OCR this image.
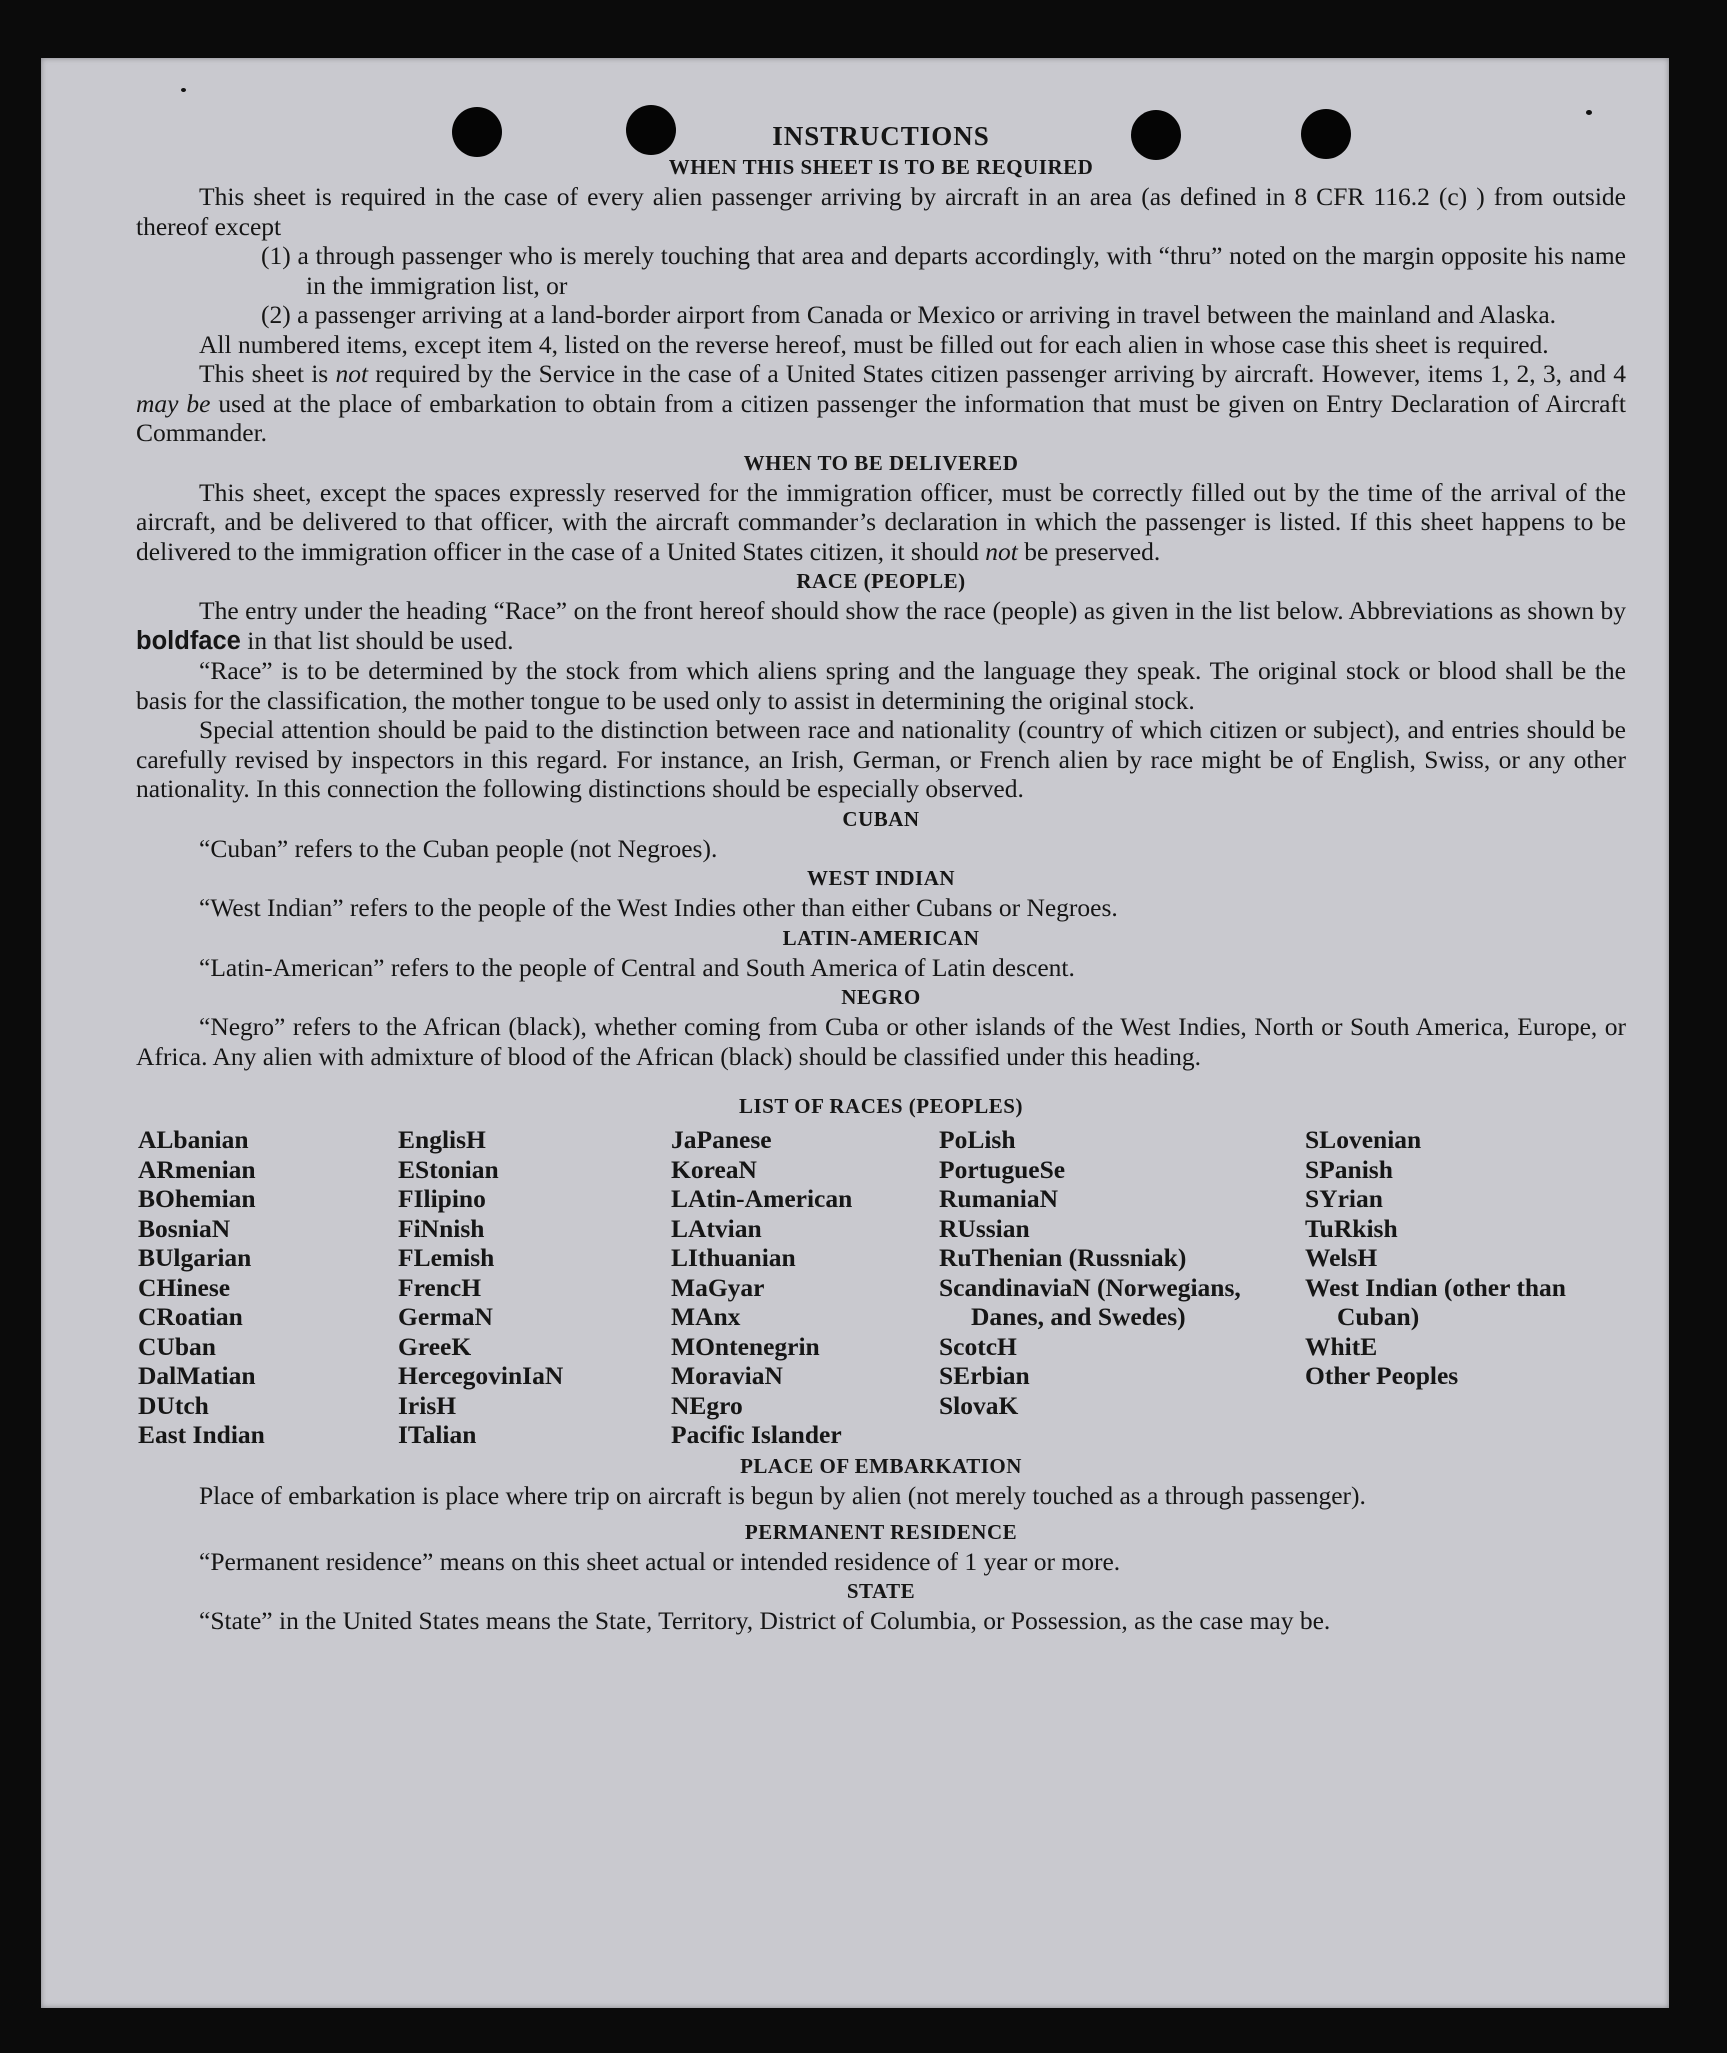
INSTRUCTIONS

WHEN THIS SHEET IS TO BE REQUIRED

This sheet is required in the case of every alien passenger arriving by aircraft in an area (as defined in 8 CFR 116.2 (c) ) from outside thereof except

(1) a through passenger who is merely touching that area and departs accordingly, with “thru” noted on the margin opposite his name in the immigration list, or

(2) a passenger arriving at a land-border airport from Canada or Mexico or arriving in travel between the mainland and Alaska.

All numbered items, except item 4, listed on the reverse hereof, must be filled out for each alien in whose case this sheet is required.

This sheet is not required by the Service in the case of a United States citizen passenger arriving by aircraft. However, items 1, 2, 3, and 4 may be used at the place of embarkation to obtain from a citizen passenger the information that must be given on Entry Declaration of Aircraft Commander.

WHEN TO BE DELIVERED

This sheet, except the spaces expressly reserved for the immigration officer, must be correctly filled out by the time of the arrival of the aircraft, and be delivered to that officer, with the aircraft commander’s declaration in which the passenger is listed. If this sheet happens to be delivered to the immigration officer in the case of a United States citizen, it should not be preserved.

RACE (PEOPLE)

The entry under the heading “Race” on the front hereof should show the race (people) as given in the list below. Abbreviations as shown by boldface in that list should be used.

“Race” is to be determined by the stock from which aliens spring and the language they speak. The original stock or blood shall be the basis for the classification, the mother tongue to be used only to assist in determining the original stock.

Special attention should be paid to the distinction between race and nationality (country of which citizen or subject), and entries should be carefully revised by inspectors in this regard. For instance, an Irish, German, or French alien by race might be of English, Swiss, or any other nationality. In this connection the following distinctions should be especially observed.

CUBAN

“Cuban” refers to the Cuban people (not Negroes).

WEST INDIAN

“West Indian” refers to the people of the West Indies other than either Cubans or Negroes.

LATIN-AMERICAN

“Latin-American” refers to the people of Central and South America of Latin descent.

NEGRO

“Negro” refers to the African (black), whether coming from Cuba or other islands of the West Indies, North or South America, Europe, or Africa. Any alien with admixture of blood of the African (black) should be classified under this heading.

LIST OF RACES (PEOPLES)

ALbanian
ARmenian
BOhemian
BosniaN
BUlgarian
CHinese
CRoatian
CUban
DalMatian
DUtch
East Indian
EnglisH
EStonian
FIlipino
FiNnish
FLemish
FrencH
GermaN
GreeK
HercegovinIaN
IrisH
ITalian
JaPanese
KoreaN
LAtin-American
LAtvian
LIthuanian
MaGyar
MAnx
MOntenegrin
MoraviaN
NEgro
Pacific Islander
PoLish
PortugueSe
RumaniaN
RUssian
RuThenian (Russniak)
ScandinaviaN (Norwegians, Danes, and Swedes)
ScotcH
SErbian
SlovaK
SLovenian
SPanish
SYrian
TuRkish
WelsH
West Indian (other than Cuban)
WhitE
Other Peoples

PLACE OF EMBARKATION

Place of embarkation is place where trip on aircraft is begun by alien (not merely touched as a through passenger).

PERMANENT RESIDENCE

“Permanent residence” means on this sheet actual or intended residence of 1 year or more.

STATE

“State” in the United States means the State, Territory, District of Columbia, or Possession, as the case may be.
